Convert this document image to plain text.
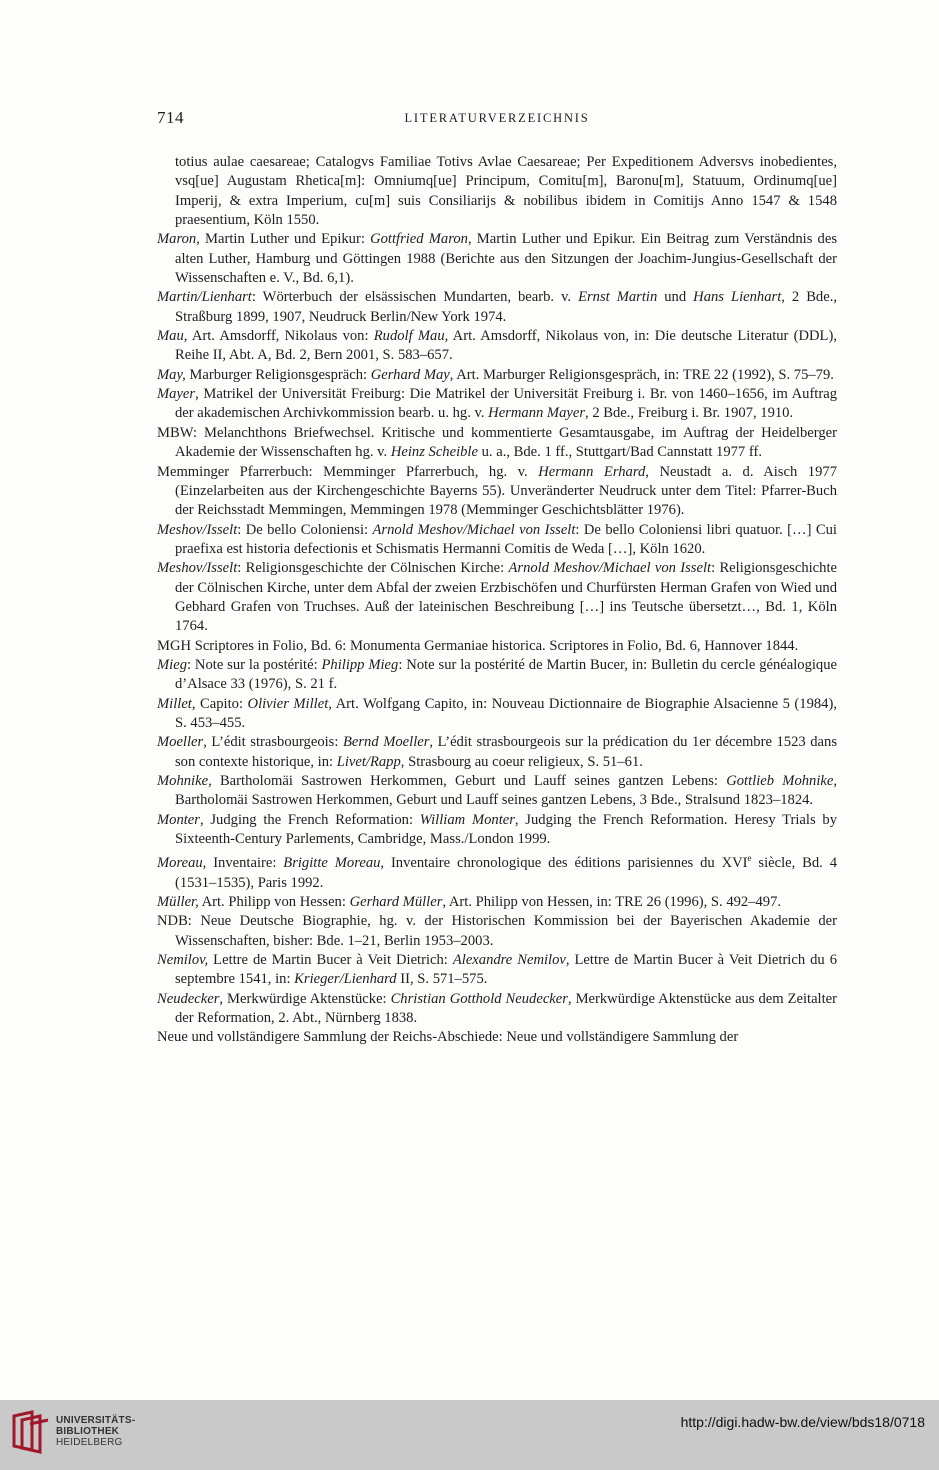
714	LITERATURVERZEICHNIS

totius aulae caesareae; Catalogvs Familiae Totivs Avlae Caesareae; Per Expeditionem Adversvs inobedientes, vsq[ue] Augustam Rhetica[m]: Omniumq[ue] Principum, Comitu[m], Baronu[m], Statuum, Ordinumq[ue] Imperij, & extra Imperium, cu[m] suis Consiliarijs & nobilibus ibidem in Comitijs Anno 1547 & 1548 praesentium, Köln 1550.

Maron, Martin Luther und Epikur: Gottfried Maron, Martin Luther und Epikur. Ein Beitrag zum Verständnis des alten Luther, Hamburg und Göttingen 1988 (Berichte aus den Sitzungen der Joachim-Jungius-Gesellschaft der Wissenschaften e. V., Bd. 6,1).

Martin/Lienhart: Wörterbuch der elsässischen Mundarten, bearb. v. Ernst Martin und Hans Lienhart, 2 Bde., Straßburg 1899, 1907, Neudruck Berlin/New York 1974.

Mau, Art. Amsdorff, Nikolaus von: Rudolf Mau, Art. Amsdorff, Nikolaus von, in: Die deutsche Literatur (DDL), Reihe II, Abt. A, Bd. 2, Bern 2001, S. 583–657.

May, Marburger Religionsgespräch: Gerhard May, Art. Marburger Religionsgespräch, in: TRE 22 (1992), S. 75–79.

Mayer, Matrikel der Universität Freiburg: Die Matrikel der Universität Freiburg i. Br. von 1460–1656, im Auftrag der akademischen Archivkommission bearb. u. hg. v. Hermann Mayer, 2 Bde., Freiburg i. Br. 1907, 1910.

MBW: Melanchthons Briefwechsel. Kritische und kommentierte Gesamtausgabe, im Auftrag der Heidelberger Akademie der Wissenschaften hg. v. Heinz Scheible u. a., Bde. 1 ff., Stuttgart/Bad Cannstatt 1977 ff.

Memminger Pfarrerbuch: Memminger Pfarrerbuch, hg. v. Hermann Erhard, Neustadt a. d. Aisch 1977 (Einzelarbeiten aus der Kirchengeschichte Bayerns 55). Unveränderter Neudruck unter dem Titel: Pfarrer-Buch der Reichsstadt Memmingen, Memmingen 1978 (Memminger Geschichtsblätter 1976).

Meshov/Isselt: De bello Coloniensi: Arnold Meshov/Michael von Isselt: De bello Coloniensi libri quatuor. […] Cui praefixa est historia defectionis et Schismatis Hermanni Comitis de Weda […], Köln 1620.

Meshov/Isselt: Religionsgeschichte der Cölnischen Kirche: Arnold Meshov/Michael von Isselt: Religionsgeschichte der Cölnischen Kirche, unter dem Abfal der zweien Erzbischöfen und Churfürsten Herman Grafen von Wied und Gebhard Grafen von Truchses. Auß der lateinischen Beschreibung […] ins Teutsche übersetzt…, Bd. 1, Köln 1764.

MGH Scriptores in Folio, Bd. 6: Monumenta Germaniae historica. Scriptores in Folio, Bd. 6, Hannover 1844.

Mieg: Note sur la postérité: Philipp Mieg: Note sur la postérité de Martin Bucer, in: Bulletin du cercle généalogique d’Alsace 33 (1976), S. 21 f.

Millet, Capito: Olivier Millet, Art. Wolfgang Capito, in: Nouveau Dictionnaire de Biographie Alsacienne 5 (1984), S. 453–455.

Moeller, L’édit strasbourgeois: Bernd Moeller, L’édit strasbourgeois sur la prédication du 1er décembre 1523 dans son contexte historique, in: Livet/Rapp, Strasbourg au coeur religieux, S. 51–61.

Mohnike, Bartholomäi Sastrowen Herkommen, Geburt und Lauff seines gantzen Lebens: Gottlieb Mohnike, Bartholomäi Sastrowen Herkommen, Geburt und Lauff seines gantzen Lebens, 3 Bde., Stralsund 1823–1824.

Monter, Judging the French Reformation: William Monter, Judging the French Reformation. Heresy Trials by Sixteenth-Century Parlements, Cambridge, Mass./London 1999.

Moreau, Inventaire: Brigitte Moreau, Inventaire chronologique des éditions parisiennes du XVIe siècle, Bd. 4 (1531–1535), Paris 1992.

Müller, Art. Philipp von Hessen: Gerhard Müller, Art. Philipp von Hessen, in: TRE 26 (1996), S. 492–497.

NDB: Neue Deutsche Biographie, hg. v. der Historischen Kommission bei der Bayerischen Akademie der Wissenschaften, bisher: Bde. 1–21, Berlin 1953–2003.

Nemilov, Lettre de Martin Bucer à Veit Dietrich: Alexandre Nemilov, Lettre de Martin Bucer à Veit Dietrich du 6 septembre 1541, in: Krieger/Lienhard II, S. 571–575.

Neudecker, Merkwürdige Aktenstücke: Christian Gotthold Neudecker, Merkwürdige Aktenstücke aus dem Zeitalter der Reformation, 2. Abt., Nürnberg 1838.

Neue und vollständigere Sammlung der Reichs-Abschiede: Neue und vollständigere Sammlung der

UNIVERSITÄTS-
BIBLIOTHEK
HEIDELBERG
http://digi.hadw-bw.de/view/bds18/0718
